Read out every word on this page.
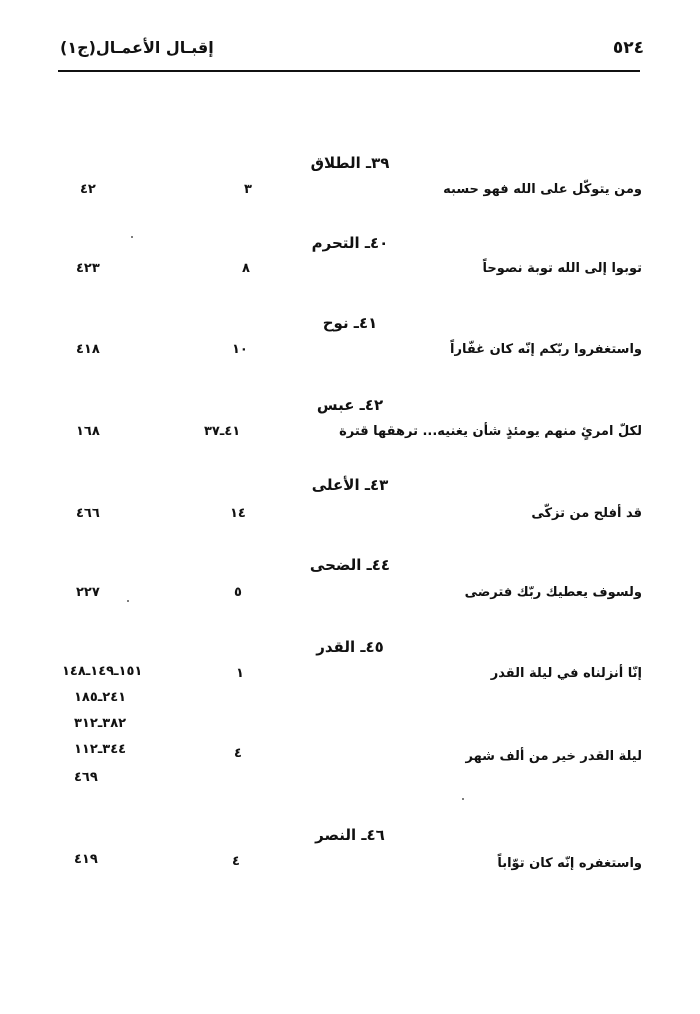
٥٢٤
إقبـال الأعمـال(ج١)
٣٩ـ الطلاق
ومن يتوكّل على الله فهو حسبه
٣
٤٢
٤٠ـ التحرم
توبوا إلى الله توبة نصوحاً
٨
٤٢٣
٤١ـ نوح
واستغفروا ربّكم إنّه كان غفّاراً
١٠
٤١٨
٤٢ـ عبس
لكلّ امرئٍ منهم يومئذٍ شأن يغنيه... ترهقها قترة
٤١ـ٣٧
١٦٨
٤٣ـ الأعلى
قد أفلح من تزكّى
١٤
٤٦٦
٤٤ـ الضحى
ولسوف يعطيك ربّك فترضى
٥
٢٢٧
٤٥ـ القدر
إنّا أنزلناه في ليلة القدر
١
١٥١ـ١٤٩ـ١٤٨
٢٤١ـ١٨٥
٣٨٢ـ٣١٢
ليلة القدر خير من ألف شهر
٤
٣٤٤ـ١١٢
٤٦٩
٤٦ـ النصر
واستغفره إنّه كان توّاباً
٤
٤١٩
